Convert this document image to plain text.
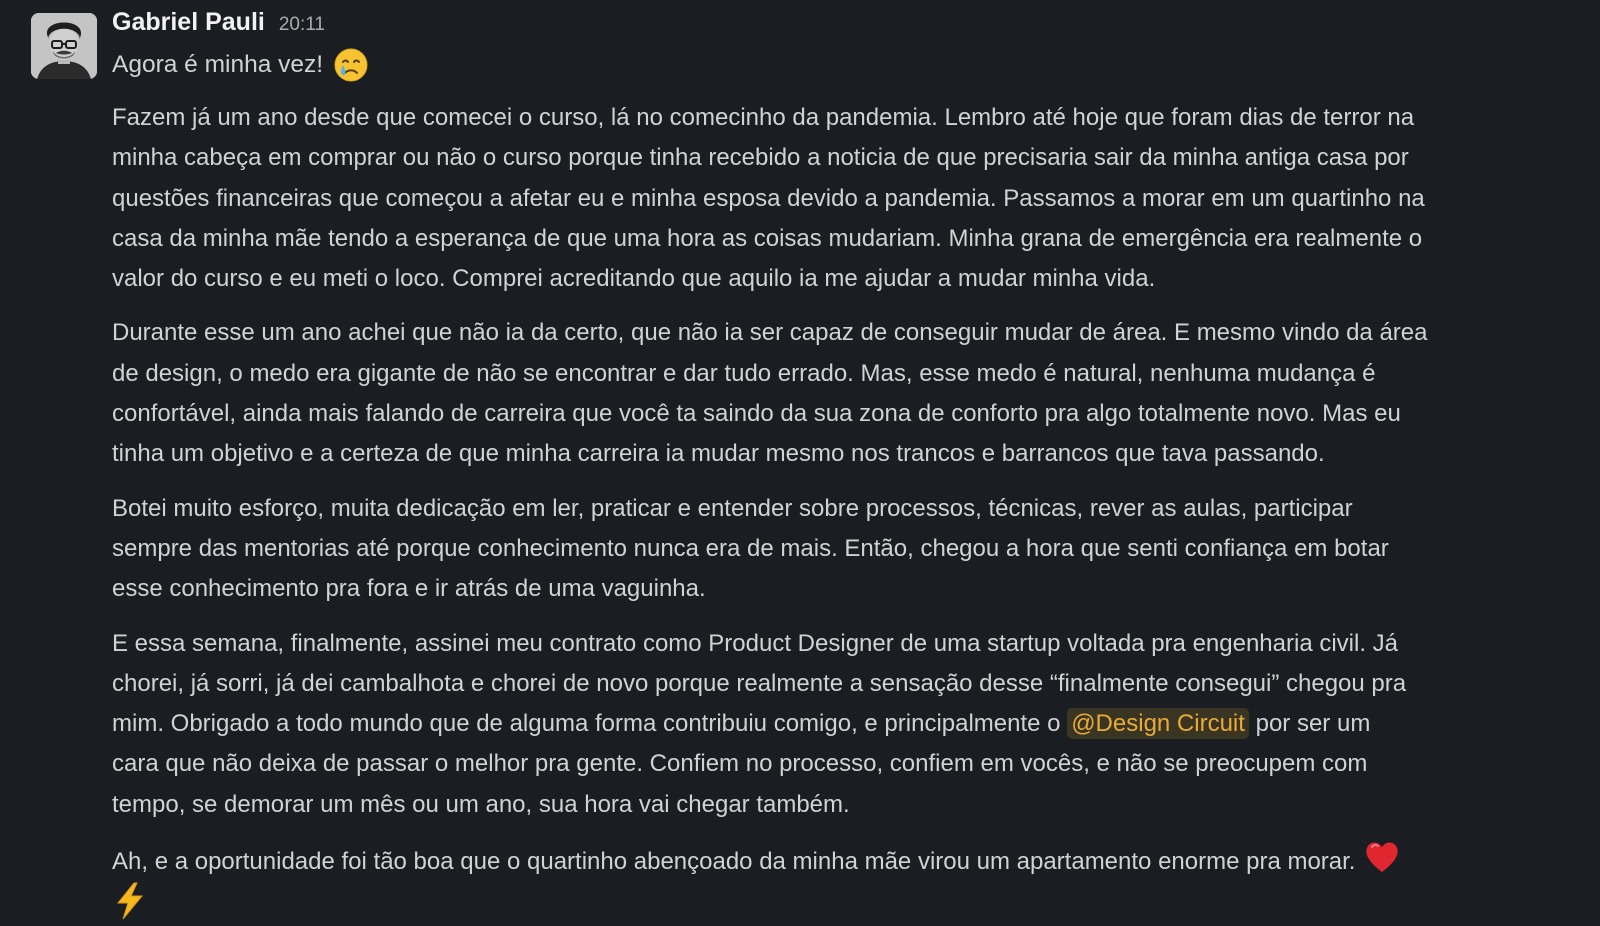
Gabriel Pauli 20:11
Agora é minha vez!
Fazem já um ano desde que comecei o curso, lá no comecinho da pandemia. Lembro até hoje que foram dias de terror na
minha cabeça em comprar ou não o curso porque tinha recebido a noticia de que precisaria sair da minha antiga casa por
questões financeiras que começou a afetar eu e minha esposa devido a pandemia. Passamos a morar em um quartinho na
casa da minha mãe tendo a esperança de que uma hora as coisas mudariam. Minha grana de emergência era realmente o
valor do curso e eu meti o loco. Comprei acreditando que aquilo ia me ajudar a mudar minha vida.
Durante esse um ano achei que não ia da certo, que não ia ser capaz de conseguir mudar de área. E mesmo vindo da área
de design, o medo era gigante de não se encontrar e dar tudo errado. Mas, esse medo é natural, nenhuma mudança é
confortável, ainda mais falando de carreira que você ta saindo da sua zona de conforto pra algo totalmente novo. Mas eu
tinha um objetivo e a certeza de que minha carreira ia mudar mesmo nos trancos e barrancos que tava passando.
Botei muito esforço, muita dedicação em ler, praticar e entender sobre processos, técnicas, rever as aulas, participar
sempre das mentorias até porque conhecimento nunca era de mais. Então, chegou a hora que senti confiança em botar
esse conhecimento pra fora e ir atrás de uma vaguinha.
E essa semana, finalmente, assinei meu contrato como Product Designer de uma startup voltada pra engenharia civil. Já
chorei, já sorri, já dei cambalhota e chorei de novo porque realmente a sensação desse “finalmente consegui” chegou pra
mim. Obrigado a todo mundo que de alguma forma contribuiu comigo, e principalmente o @Design Circuit por ser um
cara que não deixa de passar o melhor pra gente. Confiem no processo, confiem em vocês, e não se preocupem com
tempo, se demorar um mês ou um ano, sua hora vai chegar também.
Ah, e a oportunidade foi tão boa que o quartinho abençoado da minha mãe virou um apartamento enorme pra morar.
